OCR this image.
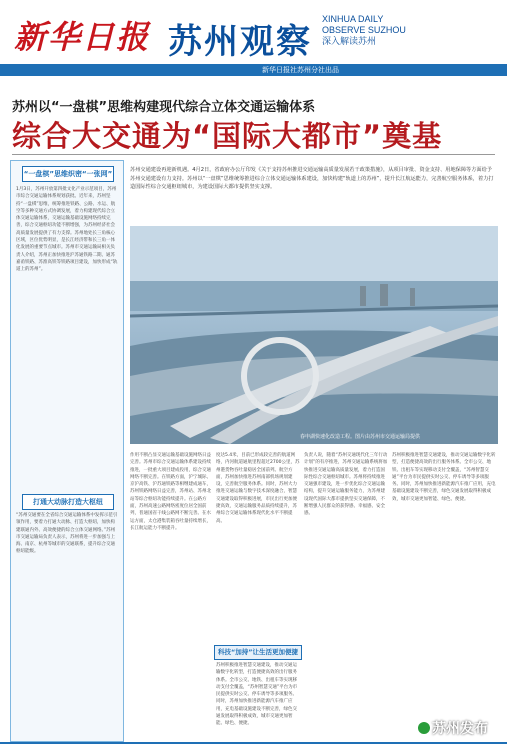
新华日报 苏州观察
XINHUA DAILY
OBSERVE SUZHOU
深入解读苏州
新华日报社苏州分社出品
苏州以“一盘棋”思维构建现代综合立体交通运输体系
综合大交通为“国际大都市”奠基
“一盘棋”思维织密“一张网”
1月3日，苏州开放第四批文化产业示范项目，苏州市综合交通运输体系规划获批。近年来，苏州坚持“一盘棋”思维，统筹推进铁路、公路、水运、航空等多种交通方式协调发展，着力构建现代综合立体交通运输体系，交通运输基础设施网络持续完善，综合交通枢纽功能不断增强，为苏州经济社会高质量发展提供了有力支撑。苏州地处长三角核心区域，区位优势明显，是长江经济带和长三角一体化发展的重要节点城市。苏州市交通运输局相关负责人介绍，苏州正加快推进沪苏通铁路二期、通苏嘉甬铁路、苏淮高铁等铁路项目建设，加快形成“轨道上的苏州”。
打通大动脉打造大枢纽
“苏州交通要在全省综合交通运输体系中发挥示范引领作用，要着力打通大动脉、打造大枢纽，加快构建联通内外、高效便捷的综合立体交通网络。”苏州市交通运输局负责人表示，苏州将进一步加强与上海、南京、杭州等城市的交通联系，提升综合交通枢纽能级。
苏州交通建设再迎新机遇。4月2日，省政府办公厅印发《关于支持苏州推进交通运输高质量发展若干政策措施》，从项目审批、资金支持、用地保障等方面给予苏州交通建设有力支持。苏州以“一盘棋”思维统筹推进综合立体交通运输体系建设，加快构建“轨道上的苏州”，提升长江航运能力，完善航空服务体系，着力打造国际性综合交通枢纽城市，为建设国际大都市提供坚实支撑。
春申湖快速化改造工程。图片由苏州市交通运输局提供
作用不断凸显交通运输基础设施网络日益完善。苏州市综合交通运输体系建设持续推进，一批重大项目建成投用，综合交通网络不断完善。在铁路方面，沪宁城际、京沪高铁、沪苏通铁路等相继建成通车，苏州铁路网络日益完善，苏州站、苏州北站等综合枢纽功能持续提升。在公路方面，苏州高速公路网络密度位居全国前列，普通国省干线公路网不断完善。在水运方面，太仓港集装箱吞吐量持续增长，长江航运能力不断提升。
度达5.4米，目前已形成较完善的航道网络，内河航道通航里程超过2700公里，苏州港货物吞吐量稳居全国前列。航空方面，苏州加快推进苏州南部机场规划建设，完善航空服务体系。同时，苏州大力推进交通运输与数字技术深度融合，智慧交通建设取得积极进展，市民出行更加便捷高效，交通运输服务品质持续提升，苏州综合交通运输体系现代化水平不断提高。
科技“加持”让生活更加便捷
苏州积极推进智慧交通建设，推动交通运输数字化转型，打造便捷高效的出行服务体系。全市公交、地铁、出租车等实现移动支付全覆盖，“苏州智慧交通”平台为市民提供实时公交、停车诱导等多项服务。同时，苏州加快推进新能源汽车推广应用，充电基础设施建设不断完善，绿色交通发展取得积极成效，城市交通更加智能、绿色、便捷。
负责人说，随着“苏州交通现代化三年行动计划”的有序推进，苏州交通运输系统将加快推进交通运输高质量发展，着力打造国际性综合交通枢纽城市。苏州将持续推进交通强市建设，进一步优化综合交通运输结构，提升交通运输服务能力，为苏州建设现代国际大都市提供坚实交通保障，不断增强人民群众的获得感、幸福感、安全感。
苏州积极推进智慧交通建设，推动交通运输数字化转型，打造便捷高效的出行服务体系。全市公交、地铁、出租车等实现移动支付全覆盖，“苏州智慧交通”平台为市民提供实时公交、停车诱导等多项服务。同时，苏州加快推进新能源汽车推广应用，充电基础设施建设不断完善，绿色交通发展取得积极成效，城市交通更加智能、绿色、便捷。
苏州发布
